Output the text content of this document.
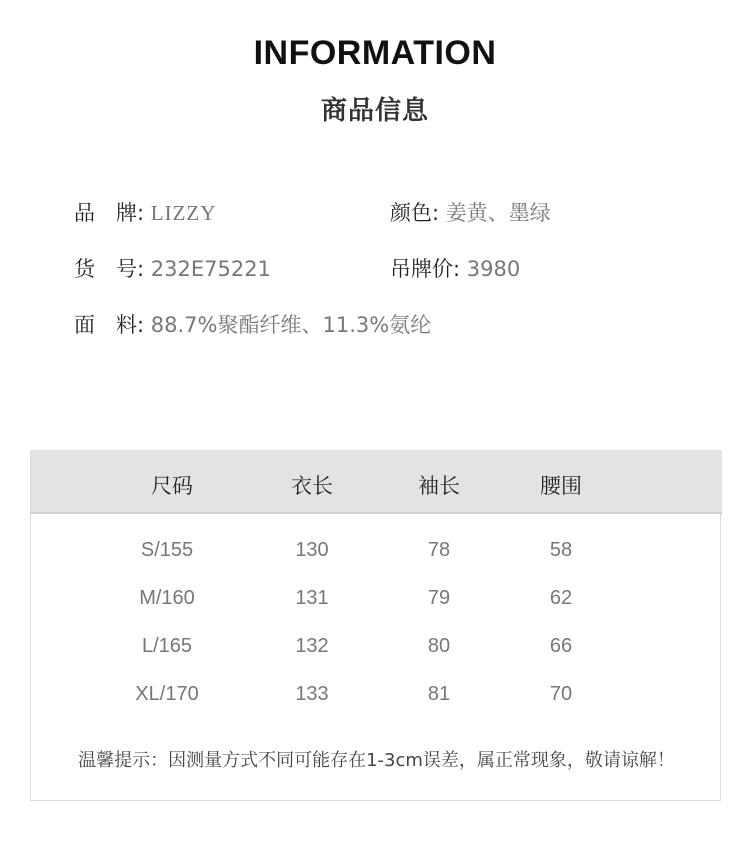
INFORMATION
商品信息
品　牌: LIZZY	颜色: 姜黄、墨绿
货　号: 232E75221	吊牌价: 3980
面　料: 88.7%聚酯纤维、11.3%氨纶
尺码	衣长	袖长	腰围
S/155	130	78	58
M/160	131	79	62
L/165	132	80	66
XL/170	133	81	70
温馨提示：因测量方式不同可能存在1-3cm误差，属正常现象，敬请谅解！
